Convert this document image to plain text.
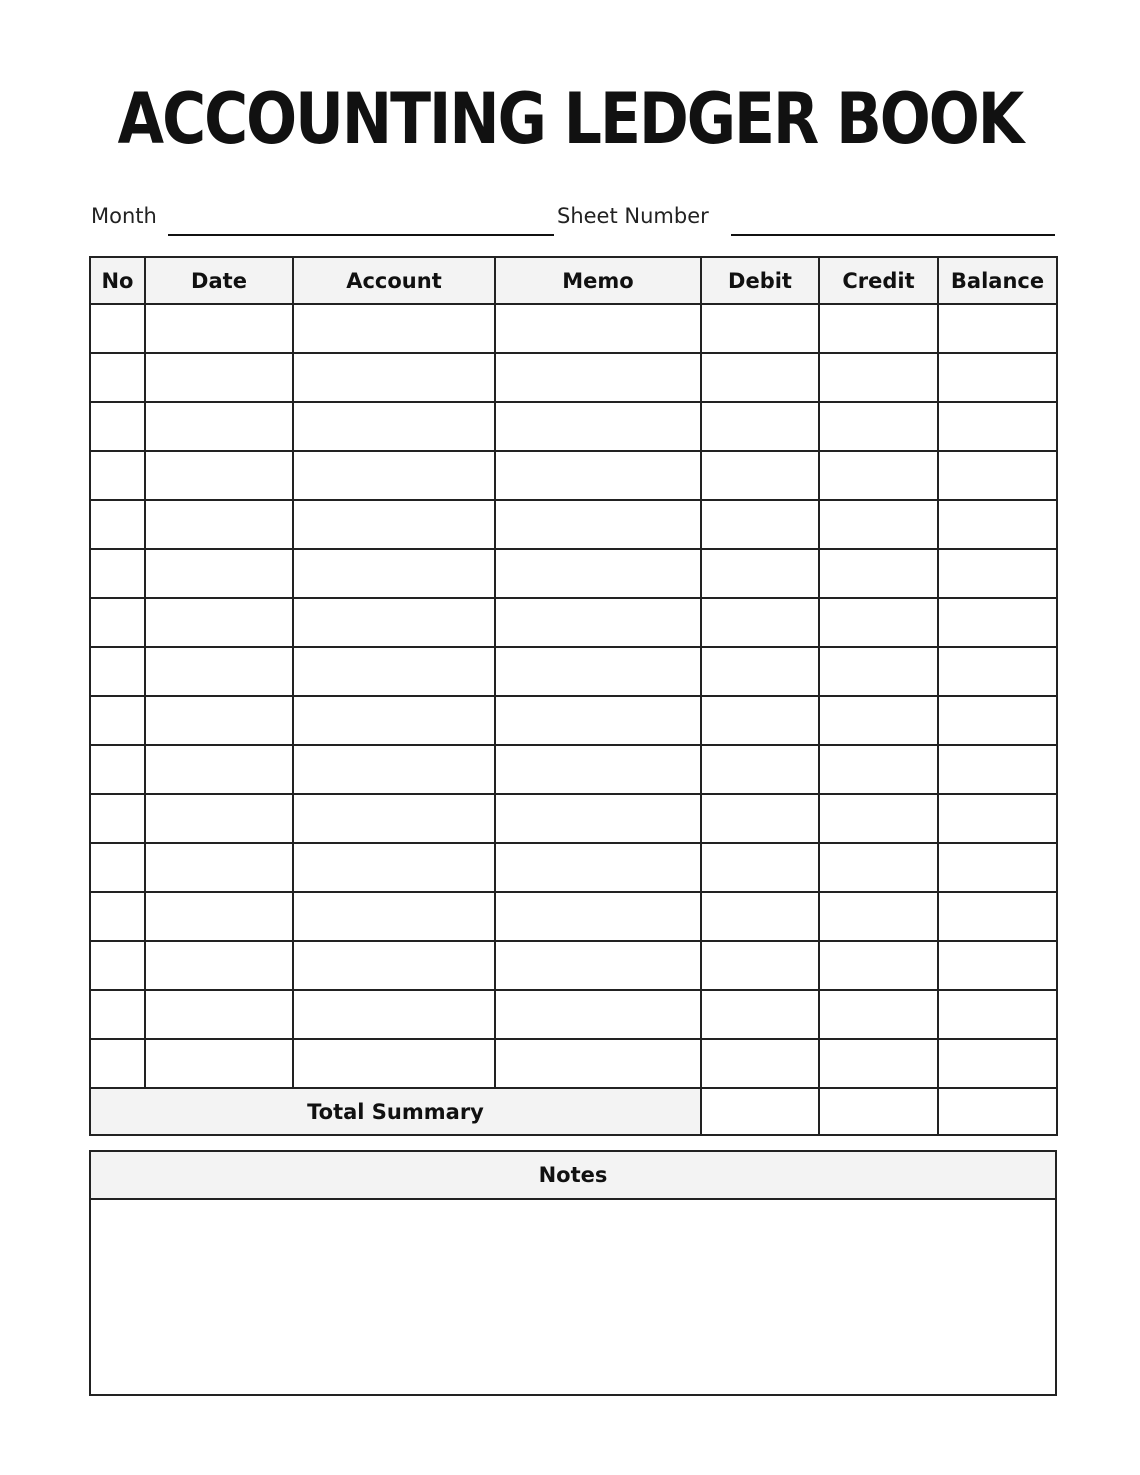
ACCOUNTING LEDGER BOOK
Month	Sheet Number
No	Date	Account	Memo	Debit	Credit	Balance

Total Summary						
Notes
